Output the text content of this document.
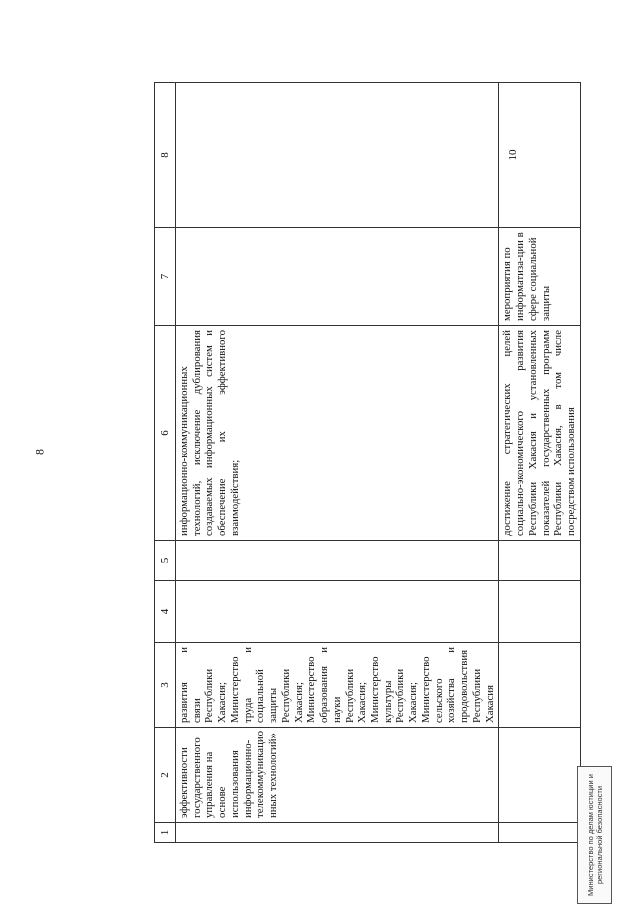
8
1	2	3	4	5	6	7	8
	эффективности государственного управления на основе использования информационно-телекоммуникацио нных технологий»	развития и связи Республики Хакасия; Министерство труда и социальной защиты Республики Хакасия; Министерство образования и науки Республики Хакасия; Министерство культуры Республики Хакасия; Министерство сельского хозяйства и продовольствия Республики Хакасия			информационно-коммуникационных технологий, исключение дублирования создаваемых информационных систем и обеспечение их эффективного взаимодействия;		
					достижение стратегических целей социально-экономического развития Республики Хакасия и установленных показателей государственных программ Республики Хакасия, в том числе посредством использования	мероприятия по информатиза-ции в сфере социальной защиты	10
Министерство по делам юстиции и региональной безопасности
